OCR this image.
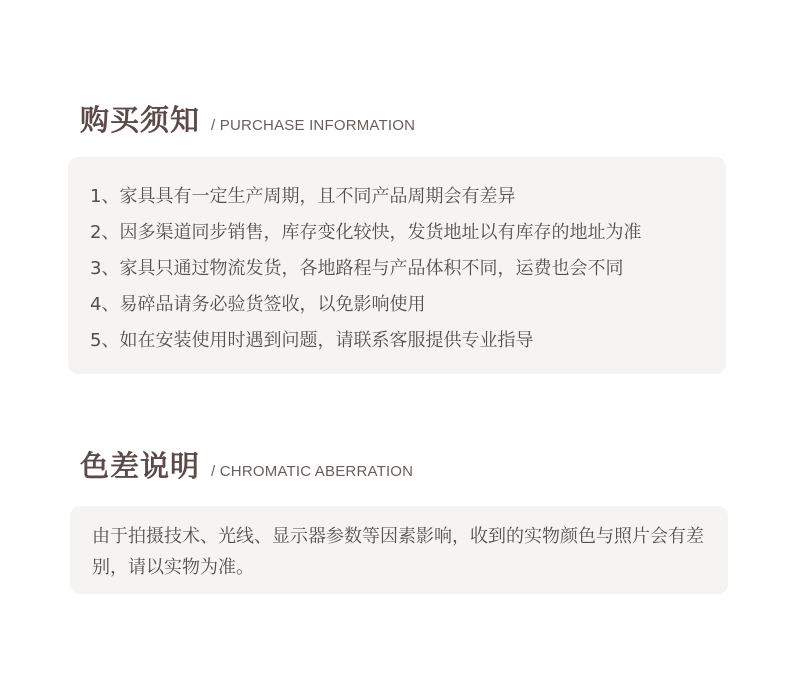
购买须知 / PURCHASE INFORMATION
1、家具具有一定生产周期，且不同产品周期会有差异
2、因多渠道同步销售，库存变化较快，发货地址以有库存的地址为准
3、家具只通过物流发货，各地路程与产品体积不同，运费也会不同
4、易碎品请务必验货签收，以免影响使用
5、如在安装使用时遇到问题，请联系客服提供专业指导
色差说明 / CHROMATIC ABERRATION

由于拍摄技术、光线、显示器参数等因素影响，收到的实物颜色与照片会有差别，请以实物为准。
